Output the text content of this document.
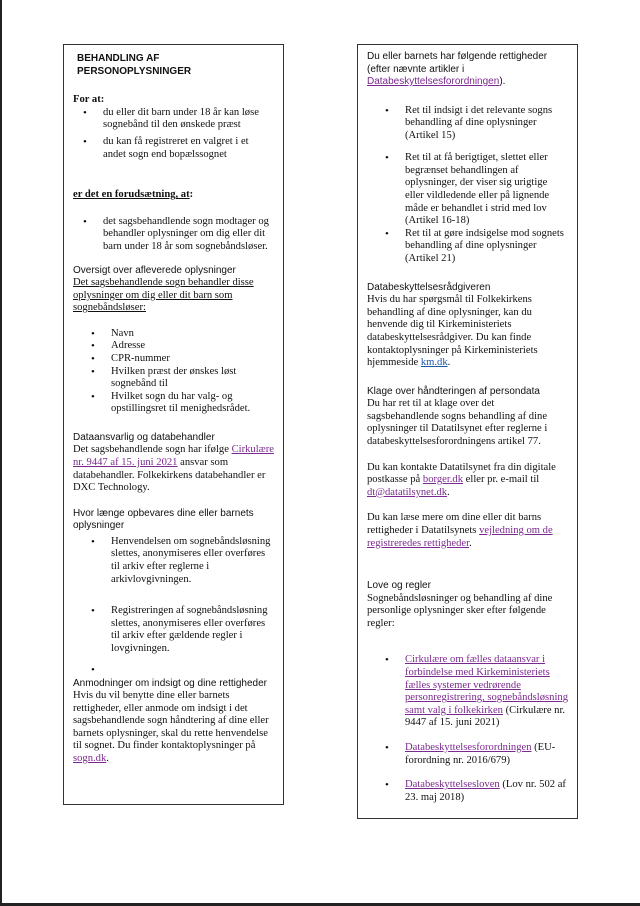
BEHANDLING AF PERSONOPLYSNINGER

For at:

• du eller dit barn under 18 år kan løse sognebånd til den ønskede præst
• du kan få registreret en valgret i et andet sogn end bopælssognet

er det en forudsætning, at:

• det sagsbehandlende sogn modtager og behandler oplysninger om dig eller dit barn under 18 år som sognebåndsløser.

Oversigt over afleverede oplysninger

Det sagsbehandlende sogn behandler disse oplysninger om dig eller dit barn som sognebåndsløser:

• Navn
• Adresse
• CPR-nummer
• Hvilken præst der ønskes løst sognebånd til
• Hvilket sogn du har valg- og opstillingsret til menighedsrådet.

Dataansvarlig og databehandler

Det sagsbehandlende sogn har ifølge Cirkulære nr. 9447 af 15. juni 2021 ansvar som databehandler. Folkekirkens databehandler er DXC Technology.

Hvor længe opbevares dine eller barnets oplysninger

• Henvendelsen om sognebåndsløsning slettes, anonymiseres eller overføres til arkiv efter reglerne i arkivlovgivningen.
• Registreringen af sognebåndsløsning slettes, anonymiseres eller overføres til arkiv efter gældende regler i lovgivningen.
•

Anmodninger om indsigt og dine rettigheder

Hvis du vil benytte dine eller barnets rettigheder, eller anmode om indsigt i det sagsbehandlende sogn håndtering af dine eller barnets oplysninger, skal du rette henvendelse til sognet. Du finder kontaktoplysninger på sogn.dk.

Du eller barnets har følgende rettigheder (efter nævnte artikler i Databeskyttelsesforordningen).

• Ret til indsigt i det relevante sogns behandling af dine oplysninger (Artikel 15)
• Ret til at få berigtiget, slettet eller begrænset behandlingen af oplysninger, der viser sig urigtige eller vildledende eller på lignende måde er behandlet i strid med lov (Artikel 16-18)
• Ret til at gøre indsigelse mod sognets behandling af dine oplysninger (Artikel 21)

Databeskyttelsesrådgiveren

Hvis du har spørgsmål til Folkekirkens behandling af dine oplysninger, kan du henvende dig til Kirkeministeriets databeskyttelsesrådgiver. Du kan finde kontaktoplysninger på Kirkeministeriets hjemmeside km.dk.

Klage over håndteringen af persondata

Du har ret til at klage over det sagsbehandlende sogns behandling af dine oplysninger til Datatilsynet efter reglerne i databeskyttelsesforordningens artikel 77.

Du kan kontakte Datatilsynet fra din digitale postkasse på borger.dk eller pr. e-mail til dt@datatilsynet.dk.

Du kan læse mere om dine eller dit barns rettigheder i Datatilsynets vejledning om de registreredes rettigheder.

Love og regler

Sognebåndsløsninger og behandling af dine personlige oplysninger sker efter følgende regler:

• Cirkulære om fælles dataansvar i forbindelse med Kirkeministeriets fælles systemer vedrørende personregistrering, sognebåndsløsning samt valg i folkekirken (Cirkulære nr. 9447 af 15. juni 2021)
• Databeskyttelsesforordningen (EU-forordning nr. 2016/679)
• Databeskyttelsesloven (Lov nr. 502 af 23. maj 2018)
